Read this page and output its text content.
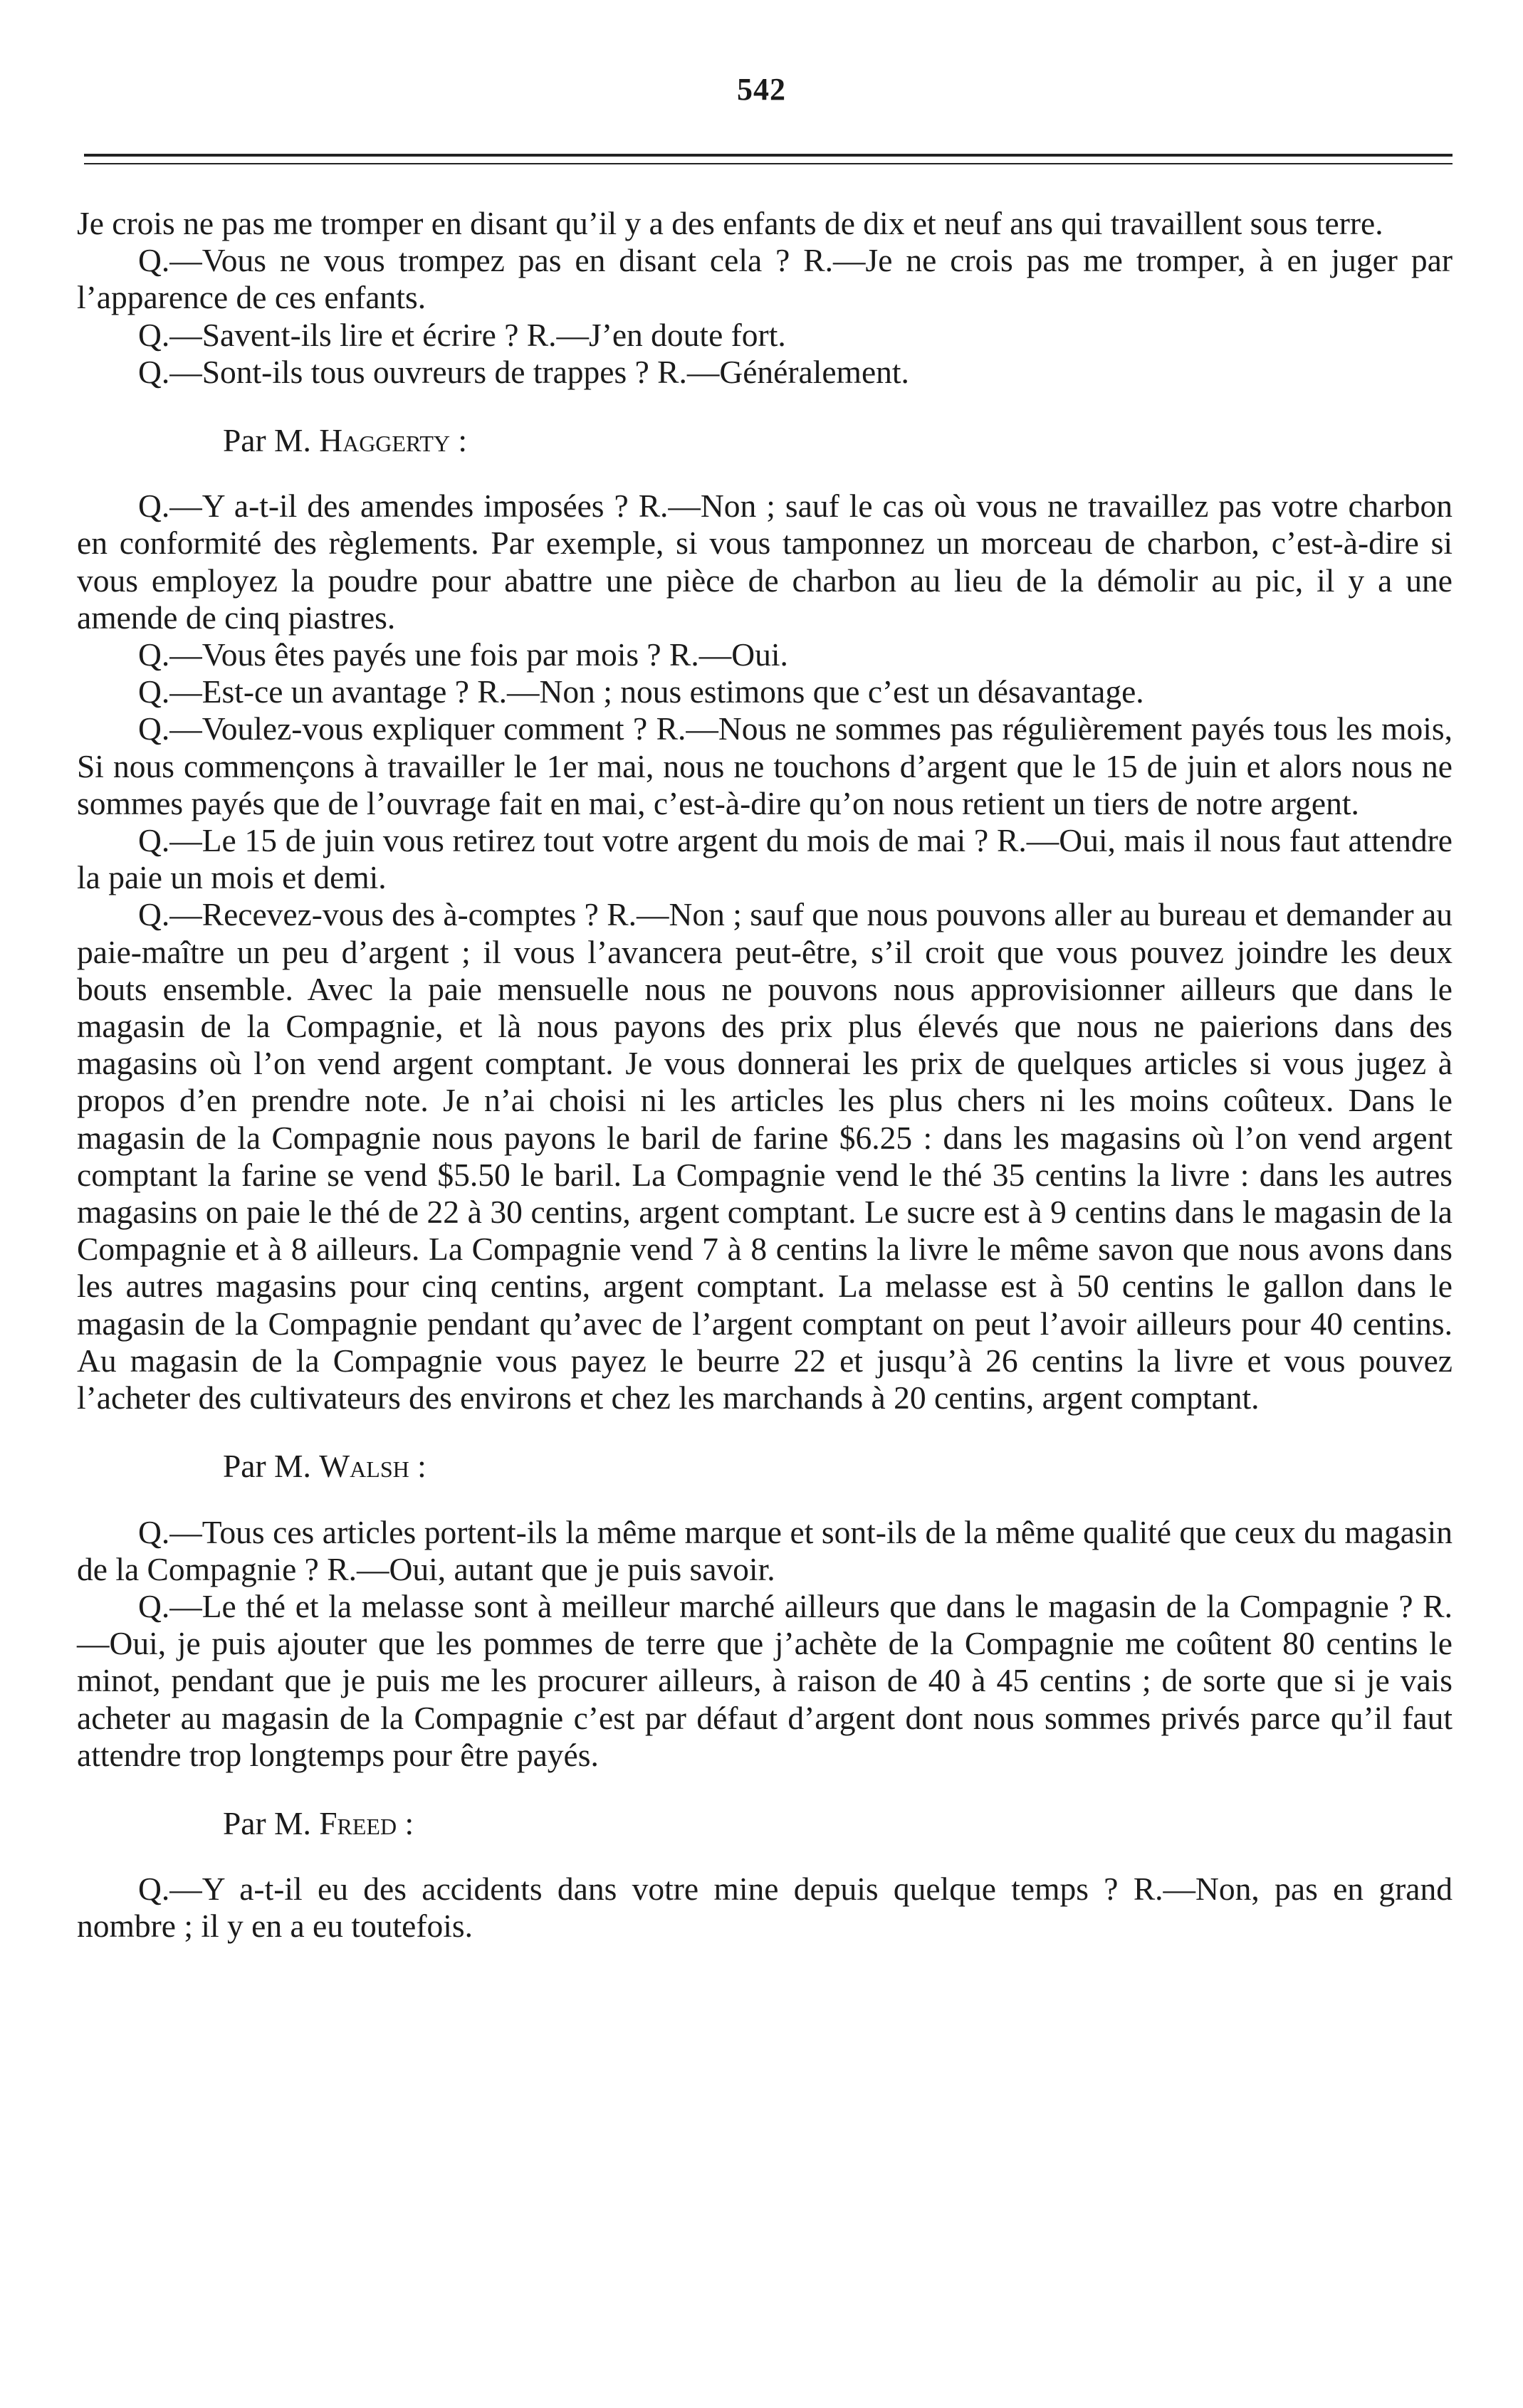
542

Je crois ne pas me tromper en disant qu’il y a des enfants de dix et neuf ans qui travaillent sous terre.

Q.—Vous ne vous trompez pas en disant cela ? R.—Je ne crois pas me tromper, à en juger par l’apparence de ces enfants.

Q.—Savent-ils lire et écrire ? R.—J’en doute fort.

Q.—Sont-ils tous ouvreurs de trappes ? R.—Généralement.

Par M. Haggerty :

Q.—Y a-t-il des amendes imposées ? R.—Non ; sauf le cas où vous ne travaillez pas votre charbon en conformité des règlements. Par exemple, si vous tamponnez un morceau de charbon, c’est-à-dire si vous employez la poudre pour abattre une pièce de charbon au lieu de la démolir au pic, il y a une amende de cinq piastres.

Q.—Vous êtes payés une fois par mois ? R.—Oui.

Q.—Est-ce un avantage ? R.—Non ; nous estimons que c’est un désavantage.

Q.—Voulez-vous expliquer comment ? R.—Nous ne sommes pas régulièrement payés tous les mois, Si nous commençons à travailler le 1er mai, nous ne touchons d’argent que le 15 de juin et alors nous ne sommes payés que de l’ouvrage fait en mai, c’est-à-dire qu’on nous retient un tiers de notre argent.

Q.—Le 15 de juin vous retirez tout votre argent du mois de mai ? R.—Oui, mais il nous faut attendre la paie un mois et demi.

Q.—Recevez-vous des à-comptes ? R.—Non ; sauf que nous pouvons aller au bureau et demander au paie-maître un peu d’argent ; il vous l’avancera peut-être, s’il croit que vous pouvez joindre les deux bouts ensemble. Avec la paie mensuelle nous ne pouvons nous approvisionner ailleurs que dans le magasin de la Compagnie, et là nous payons des prix plus élevés que nous ne paierions dans des magasins où l’on vend argent comptant. Je vous donnerai les prix de quelques articles si vous jugez à propos d’en prendre note. Je n’ai choisi ni les articles les plus chers ni les moins coûteux. Dans le magasin de la Compagnie nous payons le baril de farine $6.25 : dans les magasins où l’on vend argent comptant la farine se vend $5.50 le baril. La Compagnie vend le thé 35 centins la livre : dans les autres magasins on paie le thé de 22 à 30 centins, argent comptant. Le sucre est à 9 centins dans le magasin de la Compagnie et à 8 ailleurs. La Compagnie vend 7 à 8 centins la livre le même savon que nous avons dans les autres magasins pour cinq centins, argent comptant. La melasse est à 50 centins le gallon dans le magasin de la Compagnie pendant qu’avec de l’argent comptant on peut l’avoir ailleurs pour 40 centins. Au magasin de la Compagnie vous payez le beurre 22 et jusqu’à 26 centins la livre et vous pouvez l’acheter des cultivateurs des environs et chez les marchands à 20 centins, argent comptant.

Par M. Walsh :

Q.—Tous ces articles portent-ils la même marque et sont-ils de la même qualité que ceux du magasin de la Compagnie ? R.—Oui, autant que je puis savoir.

Q.—Le thé et la melasse sont à meilleur marché ailleurs que dans le magasin de la Compagnie ? R.—Oui, je puis ajouter que les pommes de terre que j’achète de la Compagnie me coûtent 80 centins le minot, pendant que je puis me les procurer ailleurs, à raison de 40 à 45 centins ; de sorte que si je vais acheter au magasin de la Compagnie c’est par défaut d’argent dont nous sommes privés parce qu’il faut attendre trop longtemps pour être payés.

Par M. Freed :

Q.—Y a-t-il eu des accidents dans votre mine depuis quelque temps ? R.—Non, pas en grand nombre ; il y en a eu toutefois.
